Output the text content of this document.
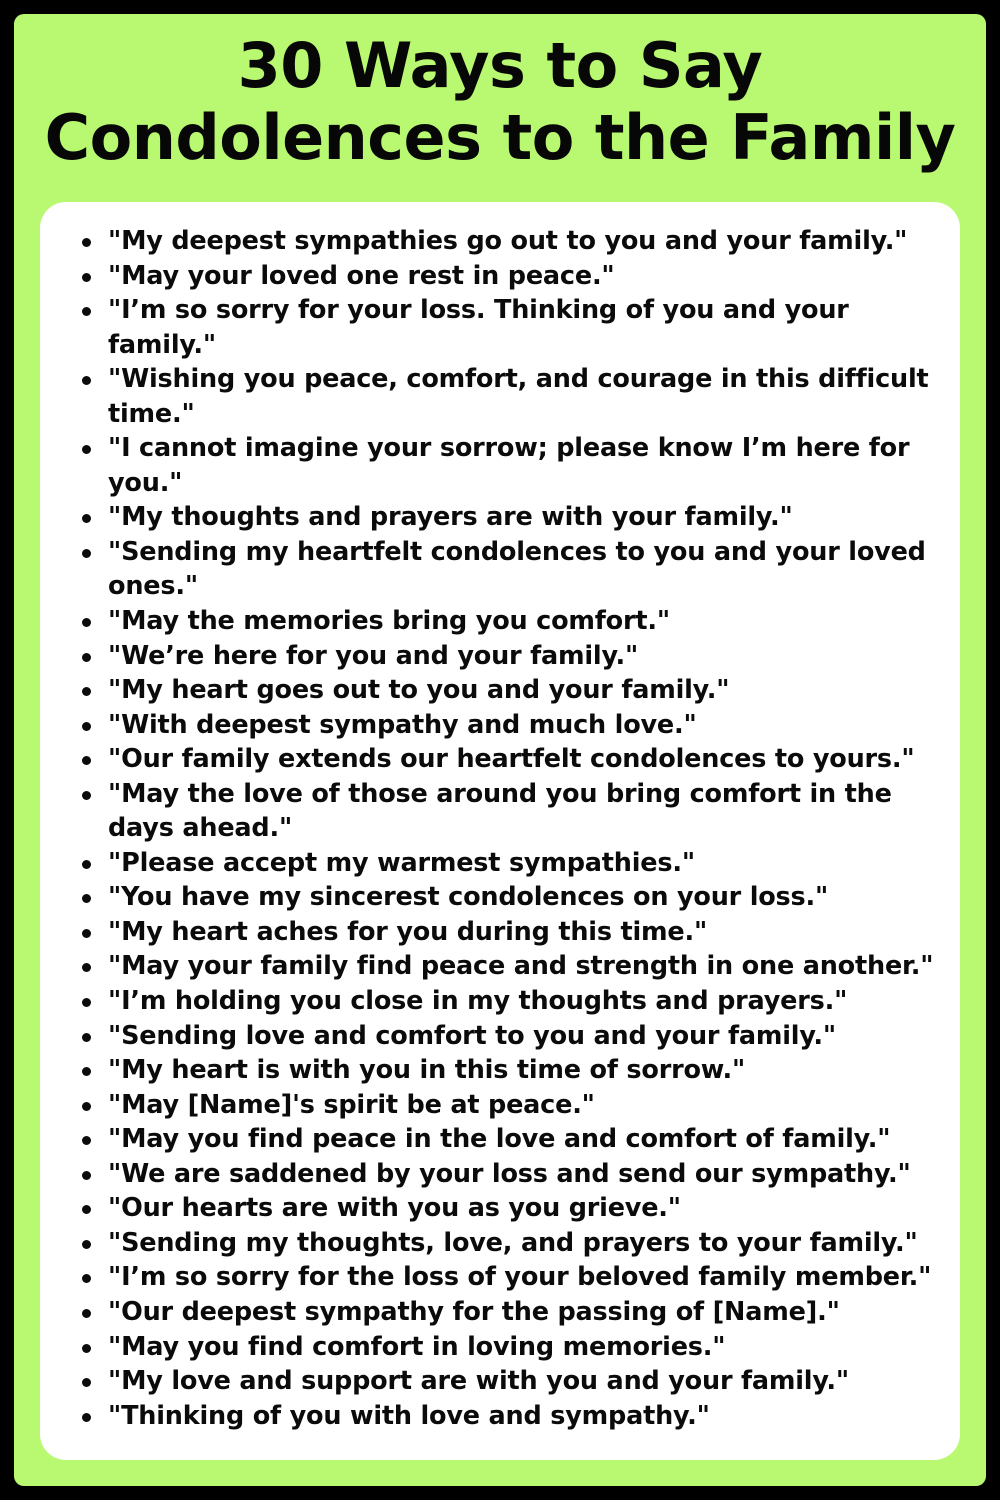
30 Ways to Say Condolences to the Family
"My deepest sympathies go out to you and your family."
"May your loved one rest in peace."
"I’m so sorry for your loss. Thinking of you and your family."
"Wishing you peace, comfort, and courage in this difficult time."
"I cannot imagine your sorrow; please know I’m here for you."
"My thoughts and prayers are with your family."
"Sending my heartfelt condolences to you and your loved ones."
"May the memories bring you comfort."
"We’re here for you and your family."
"My heart goes out to you and your family."
"With deepest sympathy and much love."
"Our family extends our heartfelt condolences to yours."
"May the love of those around you bring comfort in the days ahead."
"Please accept my warmest sympathies."
"You have my sincerest condolences on your loss."
"My heart aches for you during this time."
"May your family find peace and strength in one another."
"I’m holding you close in my thoughts and prayers."
"Sending love and comfort to you and your family."
"My heart is with you in this time of sorrow."
"May [Name]'s spirit be at peace."
"May you find peace in the love and comfort of family."
"We are saddened by your loss and send our sympathy."
"Our hearts are with you as you grieve."
"Sending my thoughts, love, and prayers to your family."
"I’m so sorry for the loss of your beloved family member."
"Our deepest sympathy for the passing of [Name]."
"May you find comfort in loving memories."
"My love and support are with you and your family."
"Thinking of you with love and sympathy."
